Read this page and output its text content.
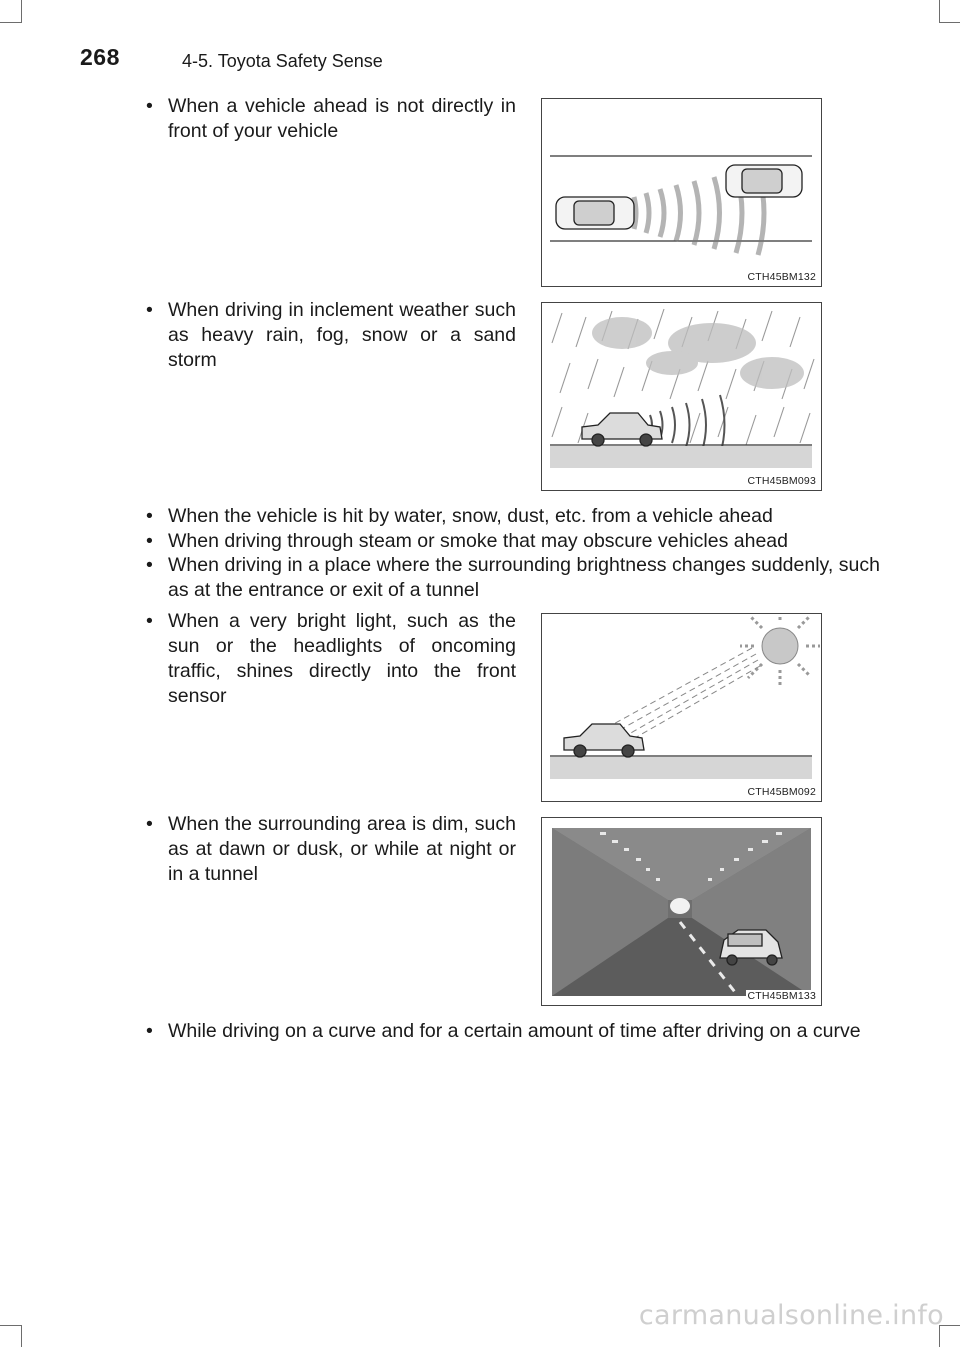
268	4-5. Toyota Safety Sense
• When a vehicle ahead is not directly in front of your vehicle
CTH45BM132
• When driving in inclement weather such as heavy rain, fog, snow or a sand storm
CTH45BM093
• When the vehicle is hit by water, snow, dust, etc. from a vehicle ahead
• When driving through steam or smoke that may obscure vehicles ahead
• When driving in a place where the surrounding brightness changes suddenly, such as at the entrance or exit of a tunnel
• When a very bright light, such as the sun or the headlights of oncoming traffic, shines directly into the front sensor
CTH45BM092
• When the surrounding area is dim, such as at dawn or dusk, or while at night or in a tunnel
CTH45BM133
• While driving on a curve and for a certain amount of time after driving on a curve
carmanualsonline.info
